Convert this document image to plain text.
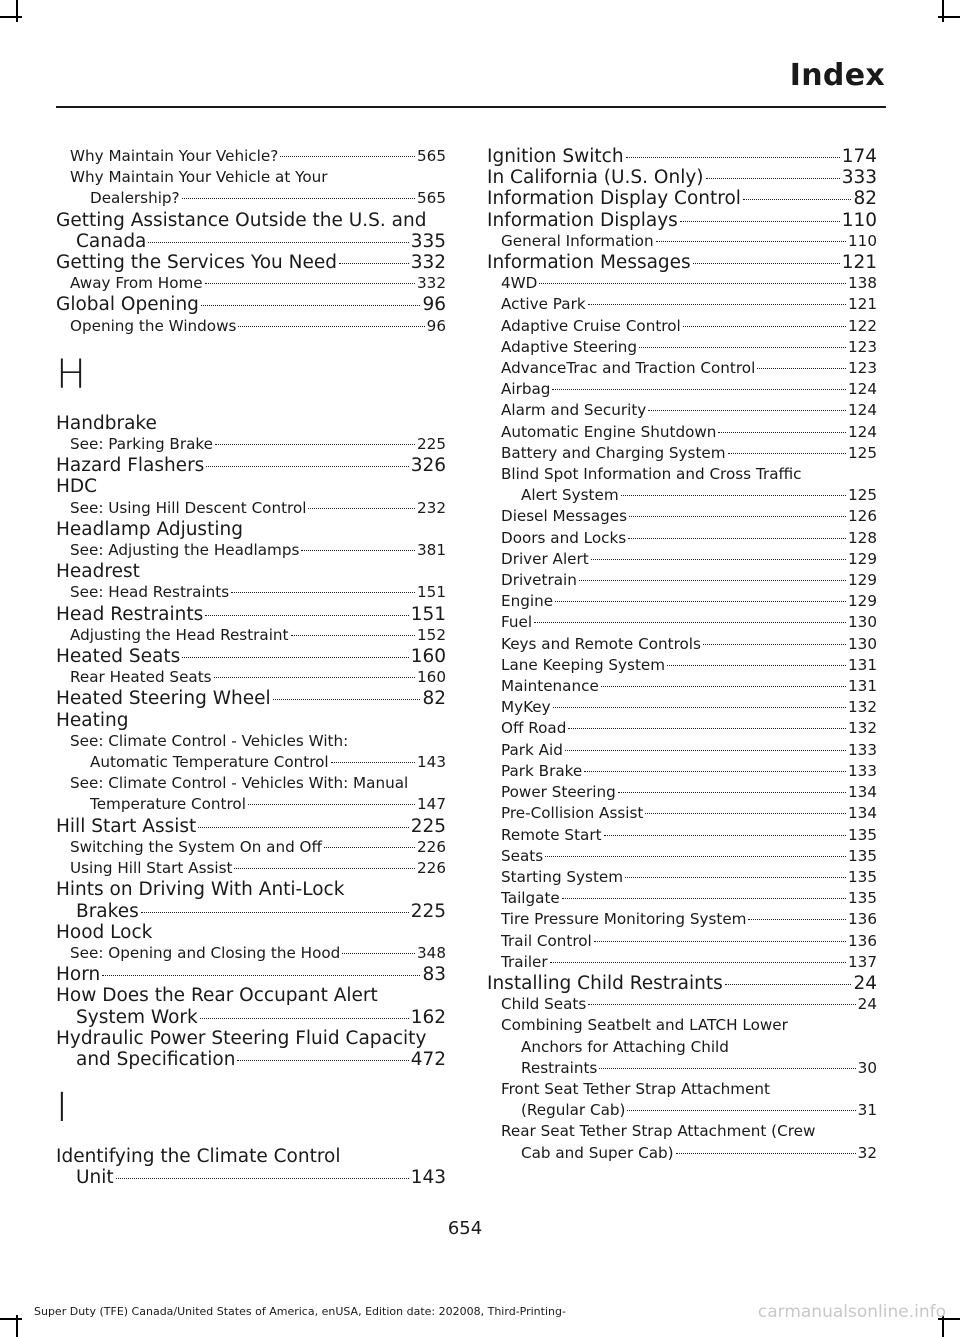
Index
Why Maintain Your Vehicle?	565
Why Maintain Your Vehicle at Your
Dealership?	565
Getting Assistance Outside the U.S. and
Canada	335
Getting the Services You Need	332
Away From Home	332
Global Opening	96
Opening the Windows	96
H
Handbrake
See: Parking Brake	225
Hazard Flashers	326
HDC
See: Using Hill Descent Control	232
Headlamp Adjusting
See: Adjusting the Headlamps	381
Headrest
See: Head Restraints	151
Head Restraints	151
Adjusting the Head Restraint	152
Heated Seats	160
Rear Heated Seats	160
Heated Steering Wheel	82
Heating
See: Climate Control - Vehicles With:
Automatic Temperature Control	143
See: Climate Control - Vehicles With: Manual
Temperature Control	147
Hill Start Assist	225
Switching the System On and Off	226
Using Hill Start Assist	226
Hints on Driving With Anti-Lock
Brakes	225
Hood Lock
See: Opening and Closing the Hood	348
Horn	83
How Does the Rear Occupant Alert
System Work	162
Hydraulic Power Steering Fluid Capacity
and Specification	472
I
Identifying the Climate Control
Unit	143
Ignition Switch	174
In California (U.S. Only)	333
Information Display Control	82
Information Displays	110
General Information	110
Information Messages	121
4WD	138
Active Park	121
Adaptive Cruise Control	122
Adaptive Steering	123
AdvanceTrac and Traction Control	123
Airbag	124
Alarm and Security	124
Automatic Engine Shutdown	124
Battery and Charging System	125
Blind Spot Information and Cross Traffic
Alert System	125
Diesel Messages	126
Doors and Locks	128
Driver Alert	129
Drivetrain	129
Engine	129
Fuel	130
Keys and Remote Controls	130
Lane Keeping System	131
Maintenance	131
MyKey	132
Off Road	132
Park Aid	133
Park Brake	133
Power Steering	134
Pre-Collision Assist	134
Remote Start	135
Seats	135
Starting System	135
Tailgate	135
Tire Pressure Monitoring System	136
Trail Control	136
Trailer	137
Installing Child Restraints	24
Child Seats	24
Combining Seatbelt and LATCH Lower
Anchors for Attaching Child
Restraints	30
Front Seat Tether Strap Attachment
(Regular Cab)	31
Rear Seat Tether Strap Attachment (Crew
Cab and Super Cab)	32
654
Super Duty (TFE) Canada/United States of America, enUSA, Edition date: 202008, Third-Printing-	carmanualsonline.info
